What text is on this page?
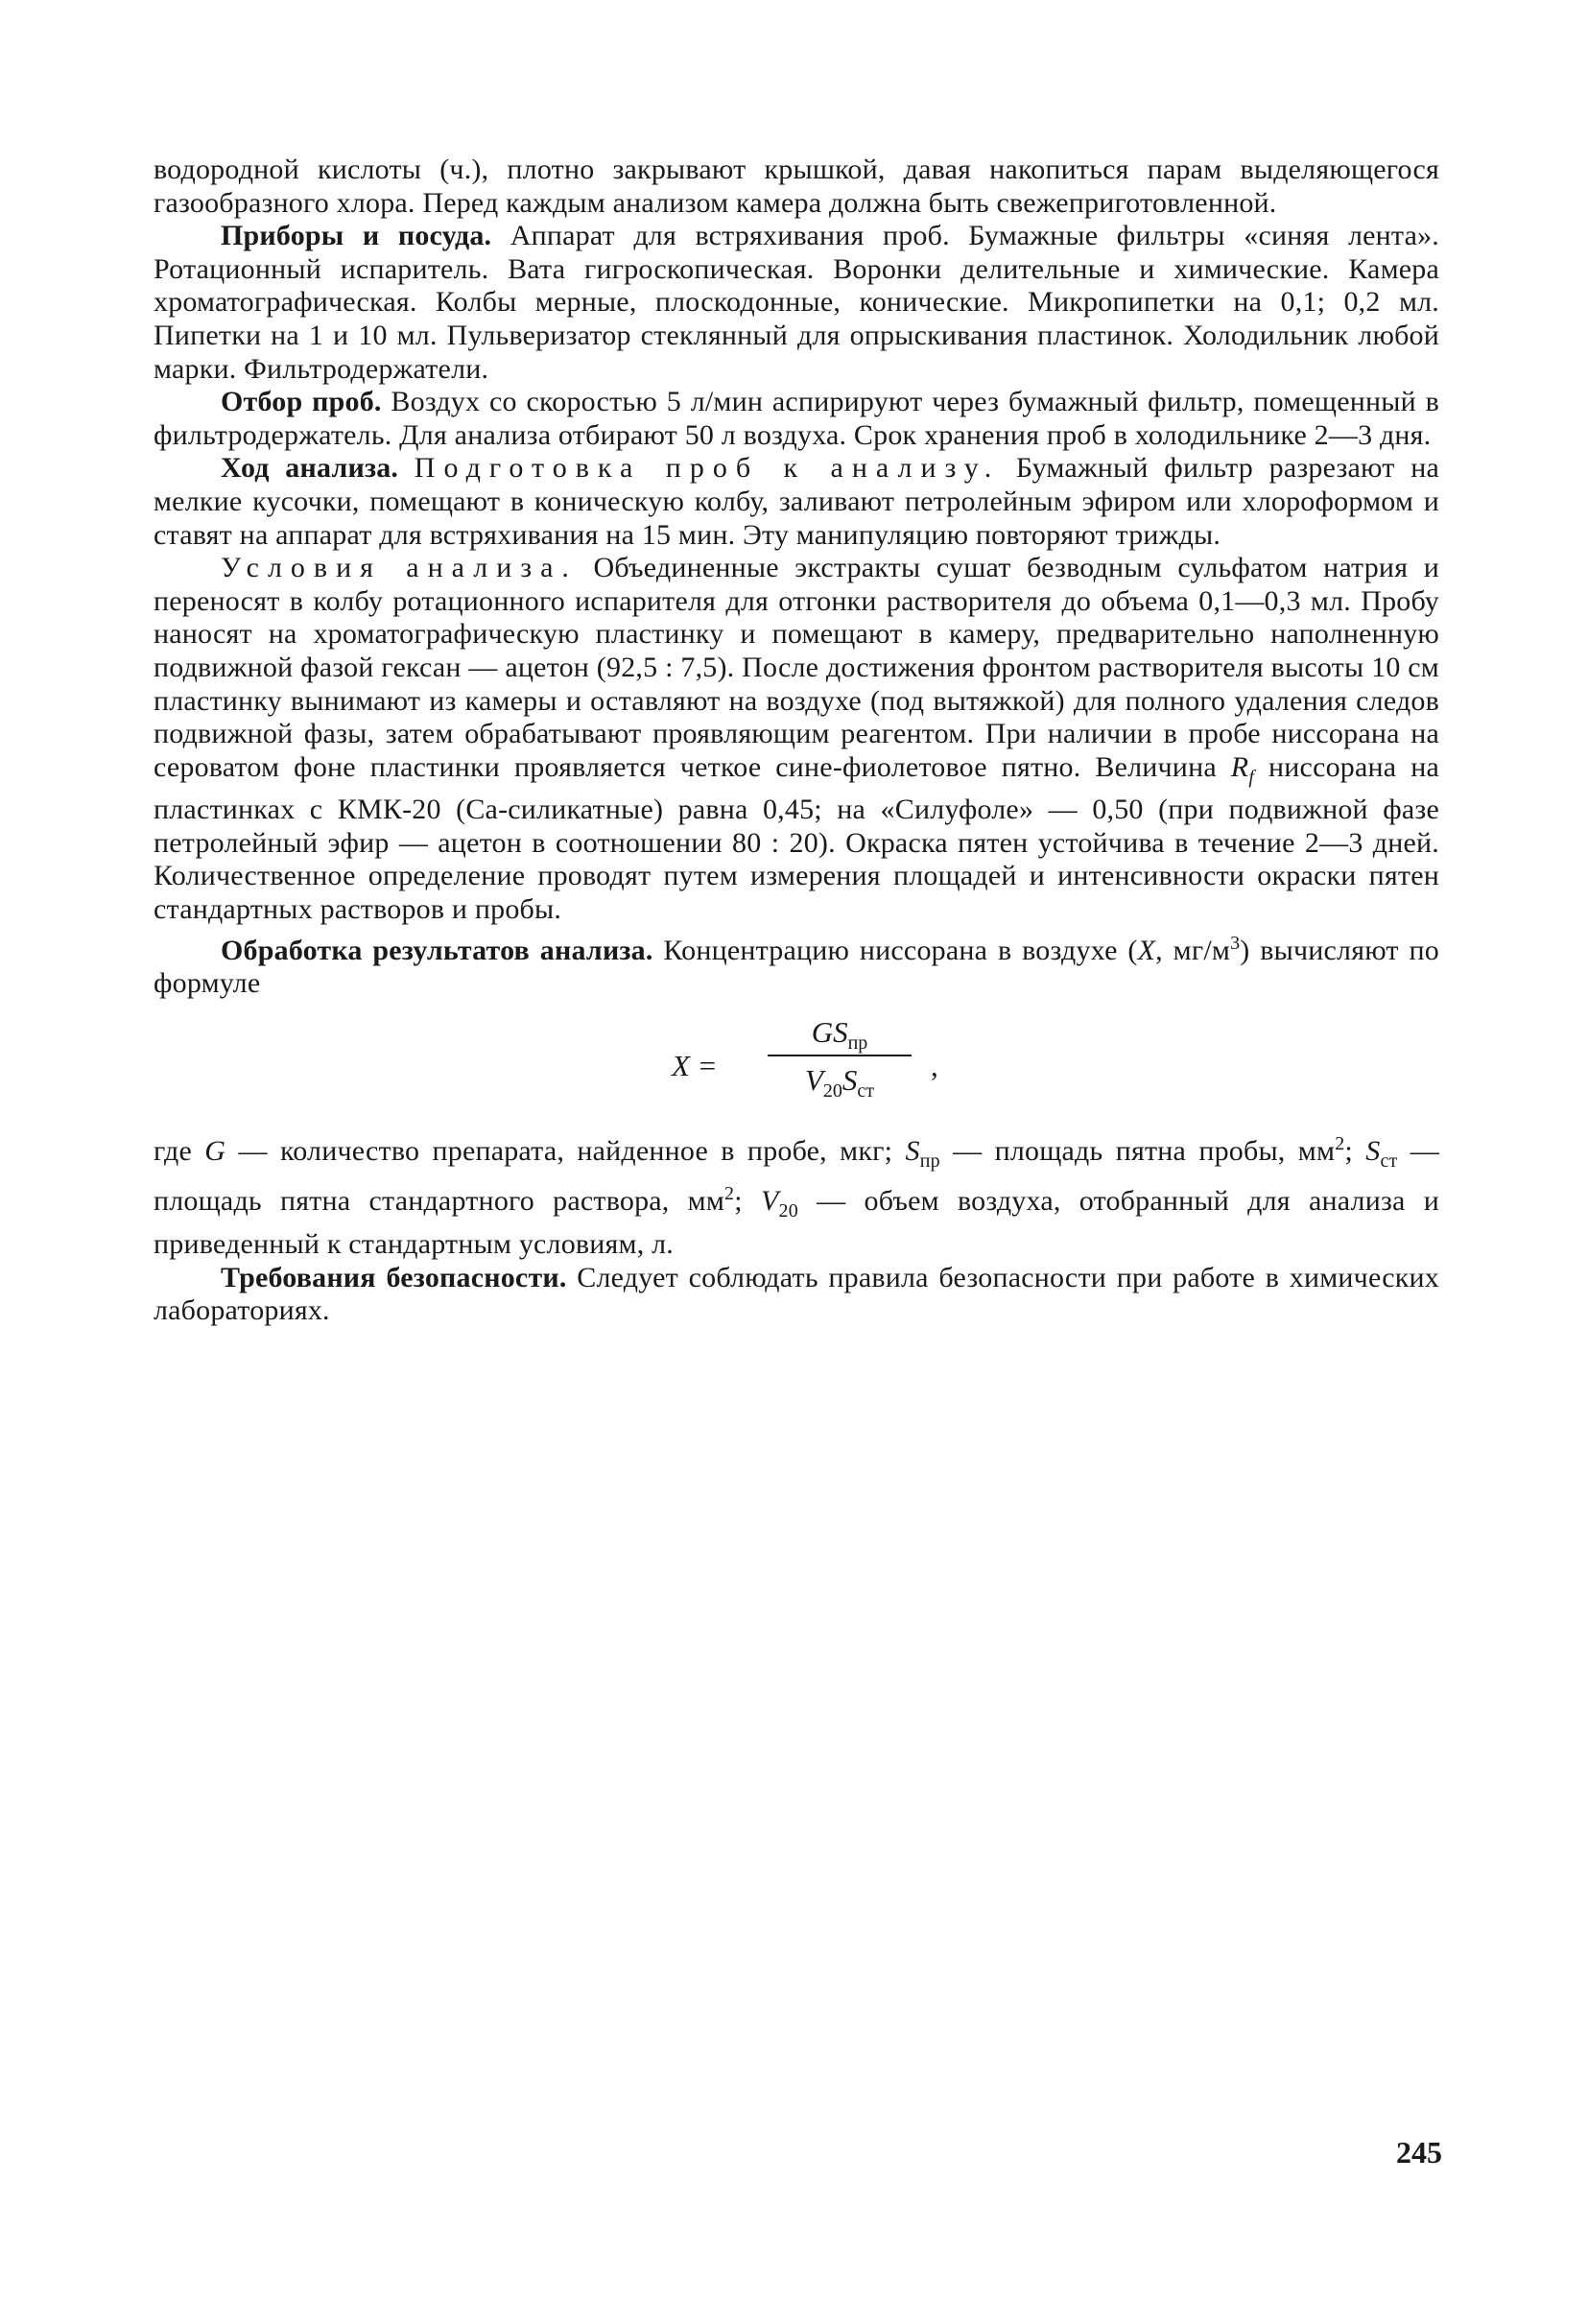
водородной кислоты (ч.), плотно закрывают крышкой, давая накопиться парам выделяющегося газообразного хлора. Перед каждым анализом камера должна быть свежеприготовленной.

Приборы и посуда. Аппарат для встряхивания проб. Бумажные фильтры «синяя лента». Ротационный испаритель. Вата гигроскопическая. Воронки делительные и химические. Камера хроматографическая. Колбы мерные, плоскодонные, конические. Микропипетки на 0,1; 0,2 мл. Пипетки на 1 и 10 мл. Пульверизатор стеклянный для опрыскивания пластинок. Холодильник любой марки. Фильтродержатели.

Отбор проб. Воздух со скоростью 5 л/мин аспирируют через бумажный фильтр, помещенный в фильтродержатель. Для анализа отбирают 50 л воздуха. Срок хранения проб в холодильнике 2—3 дня.

Ход анализа. Подготовка проб к анализу. Бумажный фильтр разрезают на мелкие кусочки, помещают в коническую колбу, заливают петролейным эфиром или хлороформом и ставят на аппарат для встряхивания на 15 мин. Эту манипуляцию повторяют трижды.

Условия анализа. Объединенные экстракты сушат безводным сульфатом натрия и переносят в колбу ротационного испарителя для отгонки растворителя до объема 0,1—0,3 мл. Пробу наносят на хроматографическую пластинку и помещают в камеру, предварительно наполненную подвижной фазой гексан — ацетон (92,5 : 7,5). После достижения фронтом растворителя высоты 10 см пластинку вынимают из камеры и оставляют на воздухе (под вытяжкой) для полного удаления следов подвижной фазы, затем обрабатывают проявляющим реагентом. При наличии в пробе ниссорана на сероватом фоне пластинки проявляется четкое сине-фиолетовое пятно. Величина $R_f$ ниссорана на пластинках с КМК-20 (Са-силикатные) равна 0,45; на «Силуфоле» — 0,50 (при подвижной фазе петролейный эфир — ацетон в соотношении 80 : 20). Окраска пятен устойчива в течение 2—3 дней. Количественное определение проводят путем измерения площадей и интенсивности окраски пятен стандартных растворов и пробы.

Обработка результатов анализа. Концентрацию ниссорана в воздухе (X, $мг/м^3$) вычисляют по формуле

X =
$GS_{пр}$
$V_{20}S_{ст}$
,

где G — количество препарата, найденное в пробе, мкг; $S_{пр}$ — площадь пятна пробы, $мм^2$; $S_{ст}$ — площадь пятна стандартного раствора, $мм^2$; $V_{20}$ — объем воздуха, отобранный для анализа и приведенный к стандартным условиям, л.

Требования безопасности. Следует соблюдать правила безопасности при работе в химических лабораториях.

245
